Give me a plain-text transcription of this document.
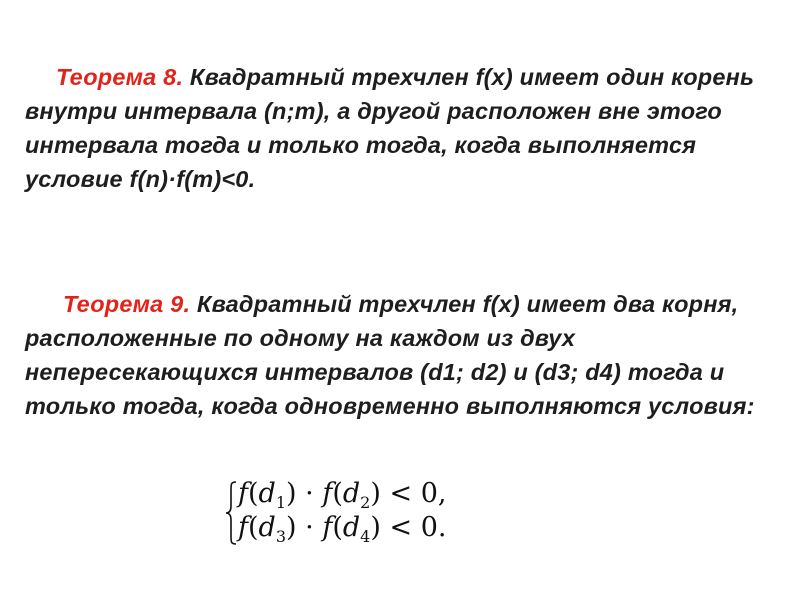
Теорема 8. Квадратный трехчлен f(x) имеет один корень внутри интервала (n;m), а другой расположен вне этого интервала тогда и только тогда, когда выполняется условие f(n)·f(m)<0.
Теорема 9. Квадратный трехчлен f(x) имеет два корня, расположенные по одному на каждом из двух непересекающихся интервалов (d1; d2) и (d3; d4) тогда и только тогда, когда одновременно выполняются условия:
$f(d_1) \cdot f(d_2) < 0$,
$f(d_3) \cdot f(d_4) < 0$.
